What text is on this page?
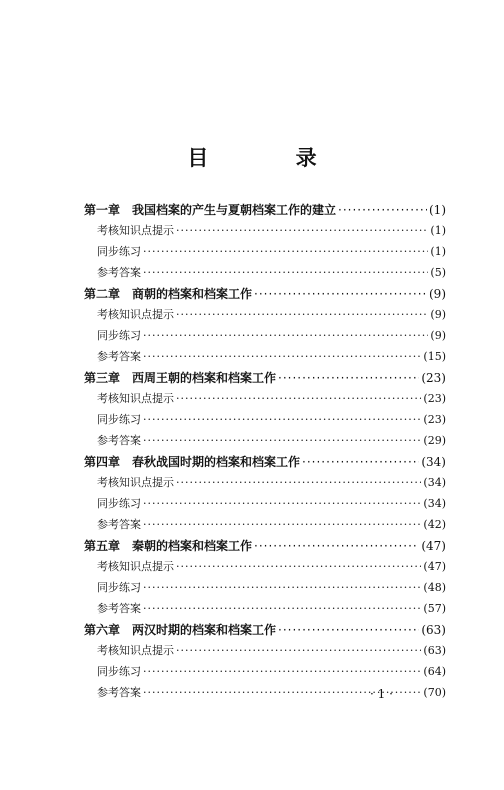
目 录
第一章 我国档案的产生与夏朝档案工作的建立 ·····	(1)
考核知识点提示 ·····	(1)
同步练习 ·····	(1)
参考答案 ·····	(5)
第二章 商朝的档案和档案工作 ·····	(9)
考核知识点提示 ·····	(9)
同步练习 ·····	(9)
参考答案 ·····	(15)
第三章 西周王朝的档案和档案工作 ·····	(23)
考核知识点提示 ·····	(23)
同步练习 ·····	(23)
参考答案 ·····	(29)
第四章 春秋战国时期的档案和档案工作 ·····	(34)
考核知识点提示 ·····	(34)
同步练习 ·····	(34)
参考答案 ·····	(42)
第五章 秦朝的档案和档案工作 ·····	(47)
考核知识点提示 ·····	(47)
同步练习 ·····	(48)
参考答案 ·····	(57)
第六章 两汉时期的档案和档案工作 ·····	(63)
考核知识点提示 ·····	(63)
同步练习 ·····	(64)
参考答案 ·····	(70)
· 1 ·
